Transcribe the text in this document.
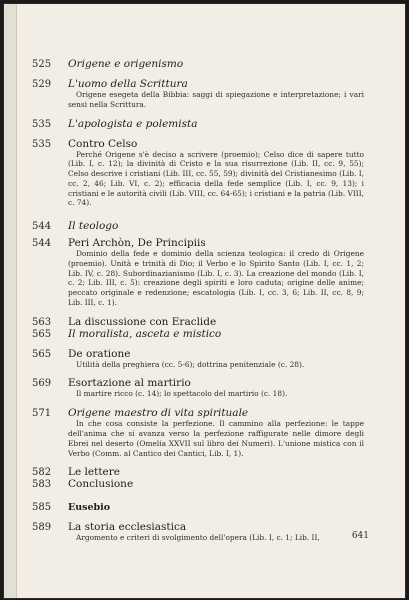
525	Origene e origenismo
529	L'uomo della Scrittura
Origene esegeta della Bibbia: saggi di spiegazione e interpretazione; i vari sensi nella Scrittura.
535	L'apologista e polemista
535	Contro Celso
Perché Origene s'è deciso a scrivere (proemio); Celso dice di sapere tutto (Lib. I, c. 12); la divinità di Cristo e la sua risurrezione (Lib. II, cc. 9, 55); Celso descrive i cristiani (Lib. III, cc. 55, 59); divinità del Cristianesimo (Lib. I, cc. 2, 46; Lib. VI, c. 2); efficacia della fede semplice (Lib. I, cc. 9, 13); i cristiani e le autorità civili (Lib. VIII, cc. 64-65); i cristiani e la patria (Lib. VIII, c. 74).
544	Il teologo
544	Peri Archòn, De Principiis
Dominio della fede e dominio della scienza teologica: il credo di Origene (proemio). Unità e trinità di Dio; il Verbo e lo Spirito Santo (Lib. I, cc. 1, 2; Lib. IV, c. 28). Subordinazianismo (Lib. I, c. 3). La creazione del mondo (Lib. I, c. 2; Lib. III, c. 5): creazione degli spiriti e loro caduta; origine delle anime; peccato originale e redenzione; escatologia (Lib. I, cc. 3, 6; Lib. II, cc. 8, 9; Lib. III, c. 1).
563	La discussione con Eraclide
565	Il moralista, asceta e mistico
565	De oratione
Utilità della preghiera (cc. 5-6); dottrina penitenziale (c. 28).
569	Esortazione al martirio
Il martire ricco (c. 14); lo spettacolo del martirio (c. 18).
571	Origene maestro di vita spirituale
In che cosa consiste la perfezione. Il cammino alla perfezione: le tappe dell'anima che si avanza verso la perfezione raffigurate nelle dimore degli Ebrei nel deserto (Omelia XXVII sul libro dei Numeri). L'unione mistica con il Verbo (Comm. al Cantico dei Cantici, Lib. I, 1).
582	Le lettere
583	Conclusione
585	Eusebio
589	La storia ecclesiastica
Argomento e criteri di svolgimento dell'opera (Lib. I, c. 1; Lib. II,	641
